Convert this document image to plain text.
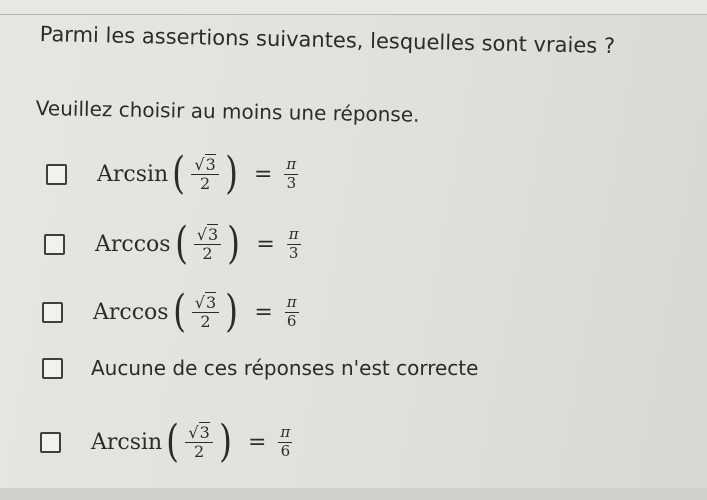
Parmi les assertions suivantes, lesquelles sont vraies ?
Veuillez choisir au moins une réponse.
Arcsin ( $\frac{√3}{2}$ ) = $\frac{\pi}{3}$
Arccos ( $\frac{√3}{2}$ ) = $\frac{\pi}{3}$
Arccos ( $\frac{√3}{2}$ ) = $\frac{\pi}{6}$
Aucune de ces réponses n'est correcte
Arcsin ( $\frac{√3}{2}$ ) = $\frac{\pi}{6}$
